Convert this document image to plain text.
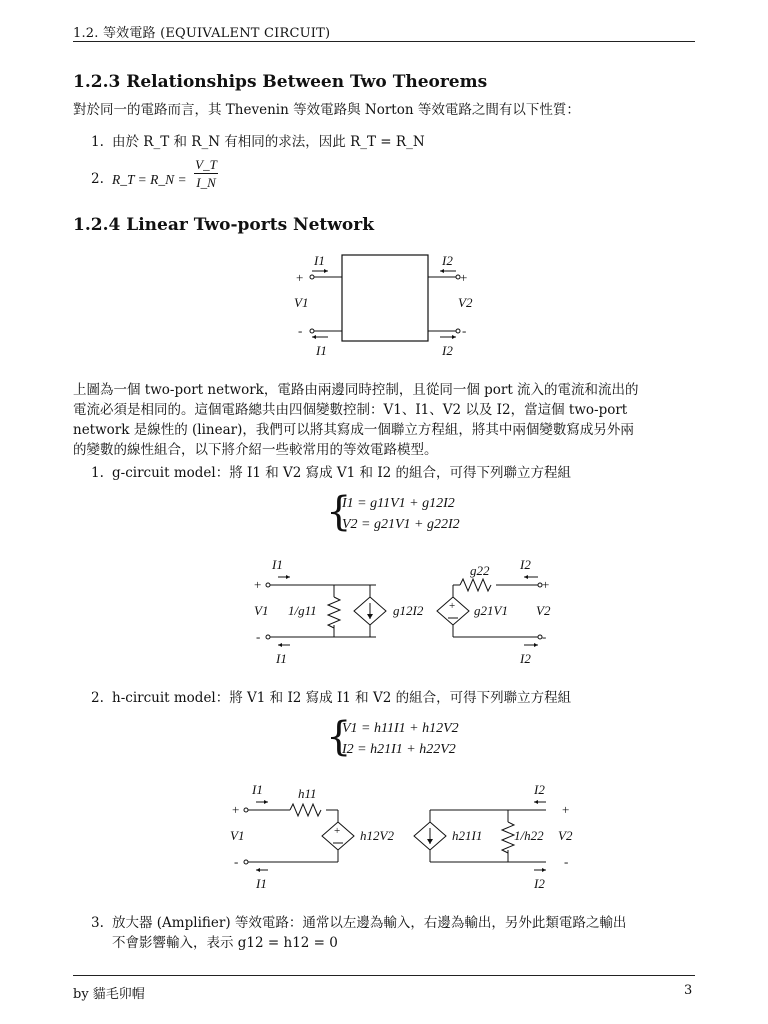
1.2. 等效電路 (EQUIVALENT CIRCUIT)
1.2.3 Relationships Between Two Theorems
對於同一的電路而言，其 Thevenin 等效電路與 Norton 等效電路之間有以下性質：
1. 由於 R_T 和 R_N 有相同的求法，因此 R_T = R_N
2. R_T = R_N =
V_T
I_N
1.2.4 Linear Two-ports Network
I1	I2
+	+
V1	V2
-	-
I1	I2
上圖為一個 two-port network，電路由兩邊同時控制，且從同一個 port 流入的電流和流出的
電流必須是相同的。這個電路總共由四個變數控制：V1、I1、V2 以及 I2，當這個 two-port
network 是線性的 (linear)，我們可以將其寫成一個聯立方程組，將其中兩個變數寫成另外兩
的變數的線性組合，以下將介紹一些較常用的等效電路模型。
1. g-circuit model：將 I1 和 V2 寫成 V1 和 I2 的組合，可得下列聯立方程組
{
I1 = g11V1 + g12I2
V2 = g21V1 + g22I2
I1
+
V1
-
I1
1/g11	g12I2 +
g22 I2
+
g21V1 V2
-
I2
2. h-circuit model：將 V1 和 I2 寫成 I1 和 V2 的組合，可得下列聯立方程組
{
V1 = h11I1 + h12V2
I2 = h21I1 + h22V2
+
I1	h11
+
V1
-
I1
h12V2	h21I1 1/h22
I2
+
V2
-
I2
3. 放大器 (Amplifier) 等效電路：通常以左邊為輸入，右邊為輸出，另外此類電路之輸出
不會影響輸入，表示 g12 = h12 = 0
by 貓毛卯帽	3
